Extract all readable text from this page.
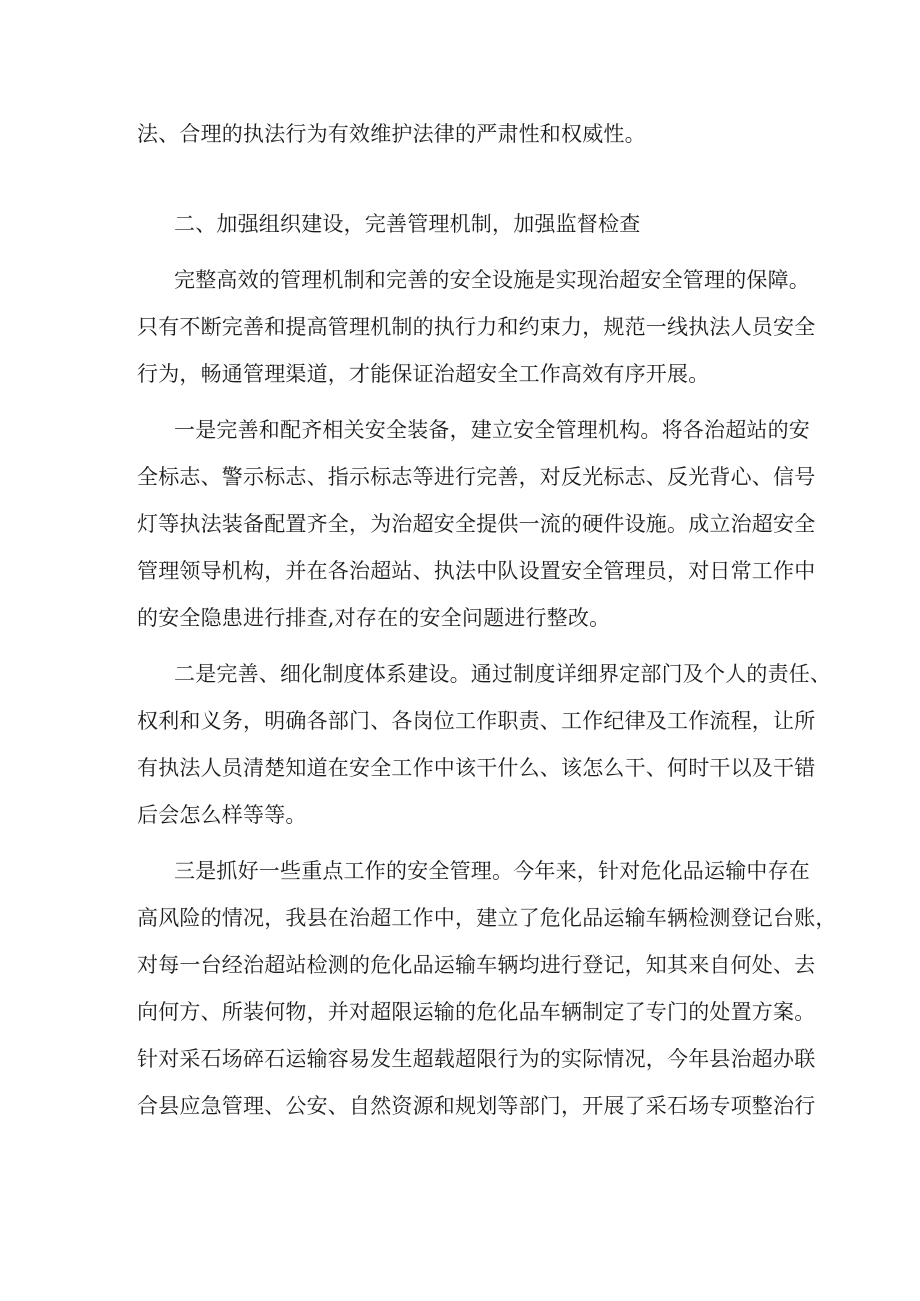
法、合理的执法行为有效维护法律的严肃性和权威性。
二、加强组织建设，完善管理机制，加强监督检查
完整高效的管理机制和完善的安全设施是实现治超安全管理的保障。
只有不断完善和提高管理机制的执行力和约束力，规范一线执法人员安全
行为，畅通管理渠道，才能保证治超安全工作高效有序开展。
一是完善和配齐相关安全装备，建立安全管理机构。将各治超站的安
全标志、警示标志、指示标志等进行完善，对反光标志、反光背心、信号
灯等执法装备配置齐全，为治超安全提供一流的硬件设施。成立治超安全
管理领导机构，并在各治超站、执法中队设置安全管理员，对日常工作中
的安全隐患进行排查,对存在的安全问题进行整改。
二是完善、细化制度体系建设。通过制度详细界定部门及个人的责任、
权利和义务，明确各部门、各岗位工作职责、工作纪律及工作流程，让所
有执法人员清楚知道在安全工作中该干什么、该怎么干、何时干以及干错
后会怎么样等等。
三是抓好一些重点工作的安全管理。今年来，针对危化品运输中存在
高风险的情况，我县在治超工作中，建立了危化品运输车辆检测登记台账，
对每一台经治超站检测的危化品运输车辆均进行登记，知其来自何处、去
向何方、所装何物，并对超限运输的危化品车辆制定了专门的处置方案。
针对采石场碎石运输容易发生超载超限行为的实际情况，今年县治超办联
合县应急管理、公安、自然资源和规划等部门，开展了采石场专项整治行
